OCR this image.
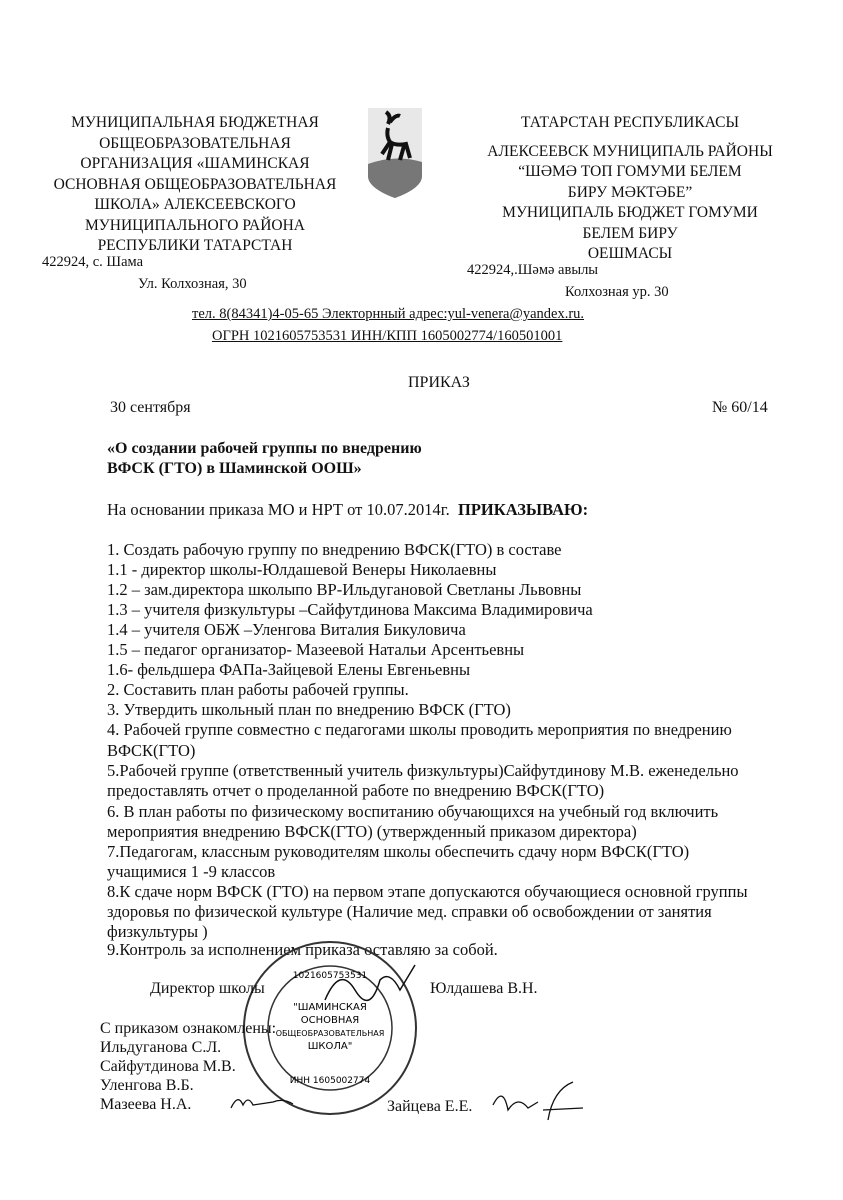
МУНИЦИПАЛЬНАЯ БЮДЖЕТНАЯ
ОБЩЕОБРАЗОВАТЕЛЬНАЯ
ОРГАНИЗАЦИЯ «ШАМИНСКАЯ
ОСНОВНАЯ ОБЩЕОБРАЗОВАТЕЛЬНАЯ
ШКОЛА» АЛЕКСЕЕВСКОГО
МУНИЦИПАЛЬНОГО РАЙОНА
РЕСПУБЛИКИ ТАТАРСТАН
422924, с. Шама
Ул. Колхозная, 30
ТАТАРСТАН РЕСПУБЛИКАСЫ
АЛЕКСЕЕВСК МУНИЦИПАЛЬ РАЙОНЫ
“ШӘМӘ ТОП ГОМУМИ БЕЛЕМ
БИРУ МӘКТӘБЕ”
МУНИЦИПАЛЬ БЮДЖЕТ ГОМУМИ
БЕЛЕМ БИРУ
ОЕШМАСЫ
422924,.Шәмә авылы
Колхозная ур. 30
тел. 8(84341)4-05-65 Электорнный адрес:yul-venera@yandex.ru.
ОГРН 1021605753531 ИНН/КПП 1605002774/160501001
ПРИКАЗ
30 сентября	№ 60/14
«О создании рабочей группы по внедрению
ВФСК (ГТО) в Шаминской ООШ»
На основании приказа МО и НРТ от 10.07.2014г. ПРИКАЗЫВАЮ:
1. Создать рабочую группу по внедрению ВФСК(ГТО) в составе
1.1 - директор школы-Юлдашевой Венеры Николаевны
1.2 – зам.директора школыпо ВР-Ильдугановой Светланы Львовны
1.3 – учителя физкультуры –Сайфутдинова Максима Владимировича
1.4 – учителя ОБЖ –Уленгова Виталия Бикуловича
1.5 – педагог организатор- Мазеевой Натальи Арсентьевны
1.6- фельдшера ФАПа-Зайцевой Елены Евгеньевны
2. Составить план работы рабочей группы.
3. Утвердить школьный план по внедрению ВФСК (ГТО)
4. Рабочей группе совместно с педагогами школы проводить мероприятия по внедрению
ВФСК(ГТО)
5.Рабочей группе (ответственный учитель физкультуры)Сайфутдинову М.В. еженедельно
предоставлять отчет о проделанной работе по внедрению ВФСК(ГТО)
6. В план работы по физическому воспитанию обучающихся на учебный год включить
мероприятия внедрению ВФСК(ГТО) (утвержденный приказом директора)
7.Педагогам, классным руководителям школы обеспечить сдачу норм ВФСК(ГТО)
учащимися 1 -9 классов
8.К сдаче норм ВФСК (ГТО) на первом этапе допускаются обучающиеся основной группы
здоровья по физической культуре (Наличие мед. справки об освобождении от занятия
физкультуры )
9.Контроль за исполнением приказа оставляю за собой.
"ШАМИНСКАЯ
ОСНОВНАЯ
ОБЩЕОБРАЗОВАТЕЛЬНАЯ
ШКОЛА"
1021605753531
ИНН 1605002774
Директор школы	Юлдашева В.Н.
С приказом ознакомлены:
Ильдуганова С.Л.
Сайфутдинова М.В.
Уленгова В.Б.
Мазеева Н.А.	Зайцева Е.Е.
